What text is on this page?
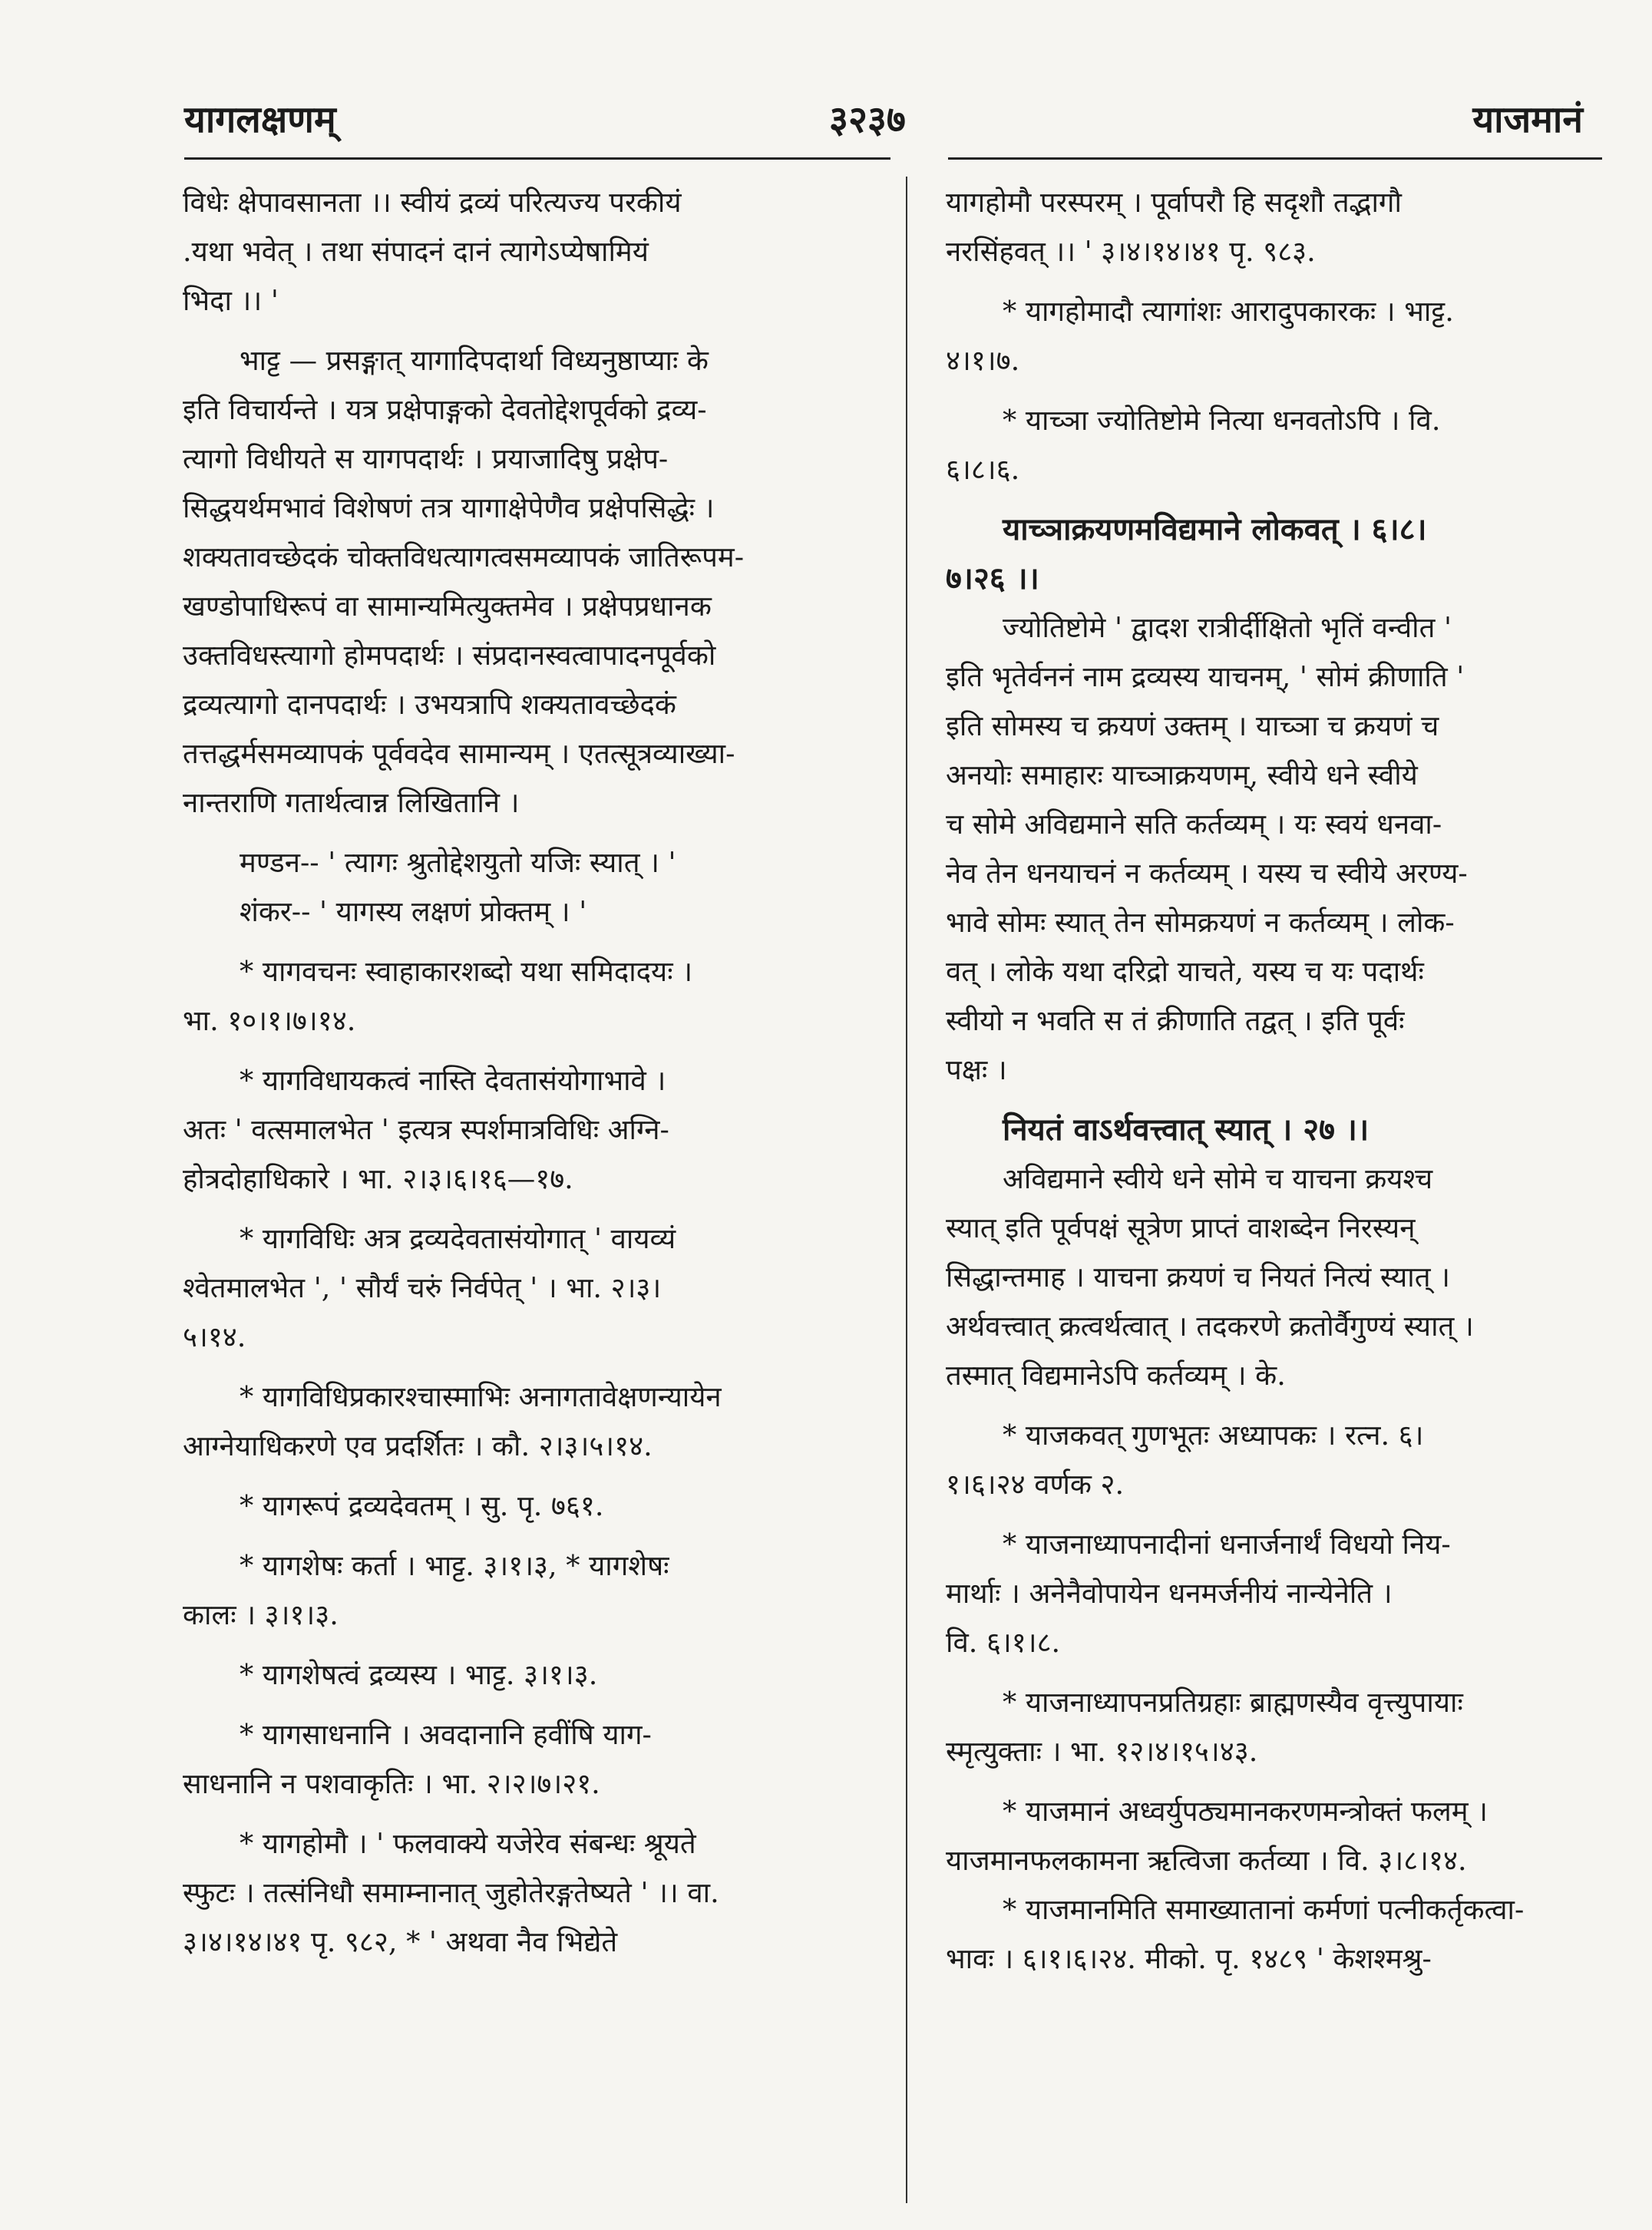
यागलक्षणम्	३२३७	याजमानं
विधेः क्षेपावसानता ।। स्वीयं द्रव्यं परित्यज्य परकीयं
.यथा भवेत् । तथा संपादनं दानं त्यागेऽप्येषामियं
भिदा ।। '
भाट्ट — प्रसङ्गात् यागादिपदार्था विध्यनुष्ठाप्याः के
इति विचार्यन्ते । यत्र प्रक्षेपाङ्गको देवतोद्देशपूर्वको द्रव्य-
त्यागो विधीयते स यागपदार्थः । प्रयाजादिषु प्रक्षेप-
सिद्धयर्थमभावं विशेषणं तत्र यागाक्षेपेणैव प्रक्षेपसिद्धेः ।
शक्यतावच्छेदकं चोक्तविधत्यागत्वसमव्यापकं जातिरूपम-
खण्डोपाधिरूपं वा सामान्यमित्युक्तमेव । प्रक्षेपप्रधानक
उक्तविधस्त्यागो होमपदार्थः । संप्रदानस्वत्वापादनपूर्वको
द्रव्यत्यागो दानपदार्थः । उभयत्रापि शक्यतावच्छेदकं
तत्तद्धर्मसमव्यापकं पूर्ववदेव सामान्यम् । एतत्सूत्रव्याख्या-
नान्तराणि गतार्थत्वान्न लिखितानि ।
मण्डन-- ' त्यागः श्रुतोद्देशयुतो यजिः स्यात् । '
शंकर-- ' यागस्य लक्षणं प्रोक्तम् । '
* यागवचनः स्वाहाकारशब्दो यथा समिदादयः ।
भा. १०।१।७।१४.
* यागविधायकत्वं नास्ति देवतासंयोगाभावे ।
अतः ' वत्समालभेत ' इत्यत्र स्पर्शमात्रविधिः अग्नि-
होत्रदोहाधिकारे । भा. २।३।६।१६—१७.
* यागविधिः अत्र द्रव्यदेवतासंयोगात् ' वायव्यं
श्वेतमालभेत ', ' सौर्यं चरुं निर्वपेत् ' । भा. २।३।
५।१४.
* यागविधिप्रकारश्चास्माभिः अनागतावेक्षणन्यायेन
आग्नेयाधिकरणे एव प्रदर्शितः । कौ. २।३।५।१४.
* यागरूपं द्रव्यदेवतम् । सु. पृ. ७६१.
* यागशेषः कर्ता । भाट्ट. ३।१।३, * यागशेषः
कालः । ३।१।३.
* यागशेषत्वं द्रव्यस्य । भाट्ट. ३।१।३.
* यागसाधनानि । अवदानानि हवींषि याग-
साधनानि न पशवाकृतिः । भा. २।२।७।२१.
* यागहोमौ । ' फलवाक्ये यजेरेव संबन्धः श्रूयते
स्फुटः । तत्संनिधौ समाम्नानात् जुहोतेरङ्गतेष्यते ' ।। वा.
३।४।१४।४१ पृ. ९८२, * ' अथवा नैव भिद्येते
यागहोमौ परस्परम् । पूर्वापरौ हि सदृशौ तद्भागौ
नरसिंहवत् ।। ' ३।४।१४।४१ पृ. ९८३.
* यागहोमादौ त्यागांशः आरादुपकारकः । भाट्ट.
४।१।७.
* याच्ञा ज्योतिष्टोमे नित्या धनवतोऽपि । वि.
६।८।६.
याच्ञाक्रयणमविद्यमाने लोकवत् । ६।८।
७।२६ ।।
ज्योतिष्टोमे ' द्वादश रात्रीर्दीक्षितो भृतिं वन्वीत '
इति भृतेर्वननं नाम द्रव्यस्य याचनम्, ' सोमं क्रीणाति '
इति सोमस्य च क्रयणं उक्तम् । याच्ञा च क्रयणं च
अनयोः समाहारः याच्ञाक्रयणम्, स्वीये धने स्वीये
च सोमे अविद्यमाने सति कर्तव्यम् । यः स्वयं धनवा-
नेव तेन धनयाचनं न कर्तव्यम् । यस्य च स्वीये अरण्य-
भावे सोमः स्यात् तेन सोमक्रयणं न कर्तव्यम् । लोक-
वत् । लोके यथा दरिद्रो याचते, यस्य च यः पदार्थः
स्वीयो न भवति स तं क्रीणाति तद्वत् । इति पूर्वः
पक्षः ।
नियतं वाऽर्थवत्त्वात् स्यात् । २७ ।।
अविद्यमाने स्वीये धने सोमे च याचना क्रयश्च
स्यात् इति पूर्वपक्षं सूत्रेण प्राप्तं वाशब्देन निरस्यन्
सिद्धान्तमाह । याचना क्रयणं च नियतं नित्यं स्यात् ।
अर्थवत्त्वात् क्रत्वर्थत्वात् । तदकरणे क्रतोर्वैगुण्यं स्यात् ।
तस्मात् विद्यमानेऽपि कर्तव्यम् । के.
* याजकवत् गुणभूतः अध्यापकः । रत्न. ६।
१।६।२४ वर्णक २.
* याजनाध्यापनादीनां धनार्जनार्थं विधयो निय-
मार्थाः । अनेनैवोपायेन धनमर्जनीयं नान्येनेति ।
वि. ६।१।८.
* याजनाध्यापनप्रतिग्रहाः ब्राह्मणस्यैव वृत्त्युपायाः
स्मृत्युक्ताः । भा. १२।४।१५।४३.
* याजमानं अध्वर्युपठ्यमानकरणमन्त्रोक्तं फलम् ।
याजमानफलकामना ऋत्विजा कर्तव्या । वि. ३।८।१४.
* याजमानमिति समाख्यातानां कर्मणां पत्नीकर्तृकत्वा-
भावः । ६।१।६।२४. मीको. पृ. १४८९ ' केशश्मश्रु-
